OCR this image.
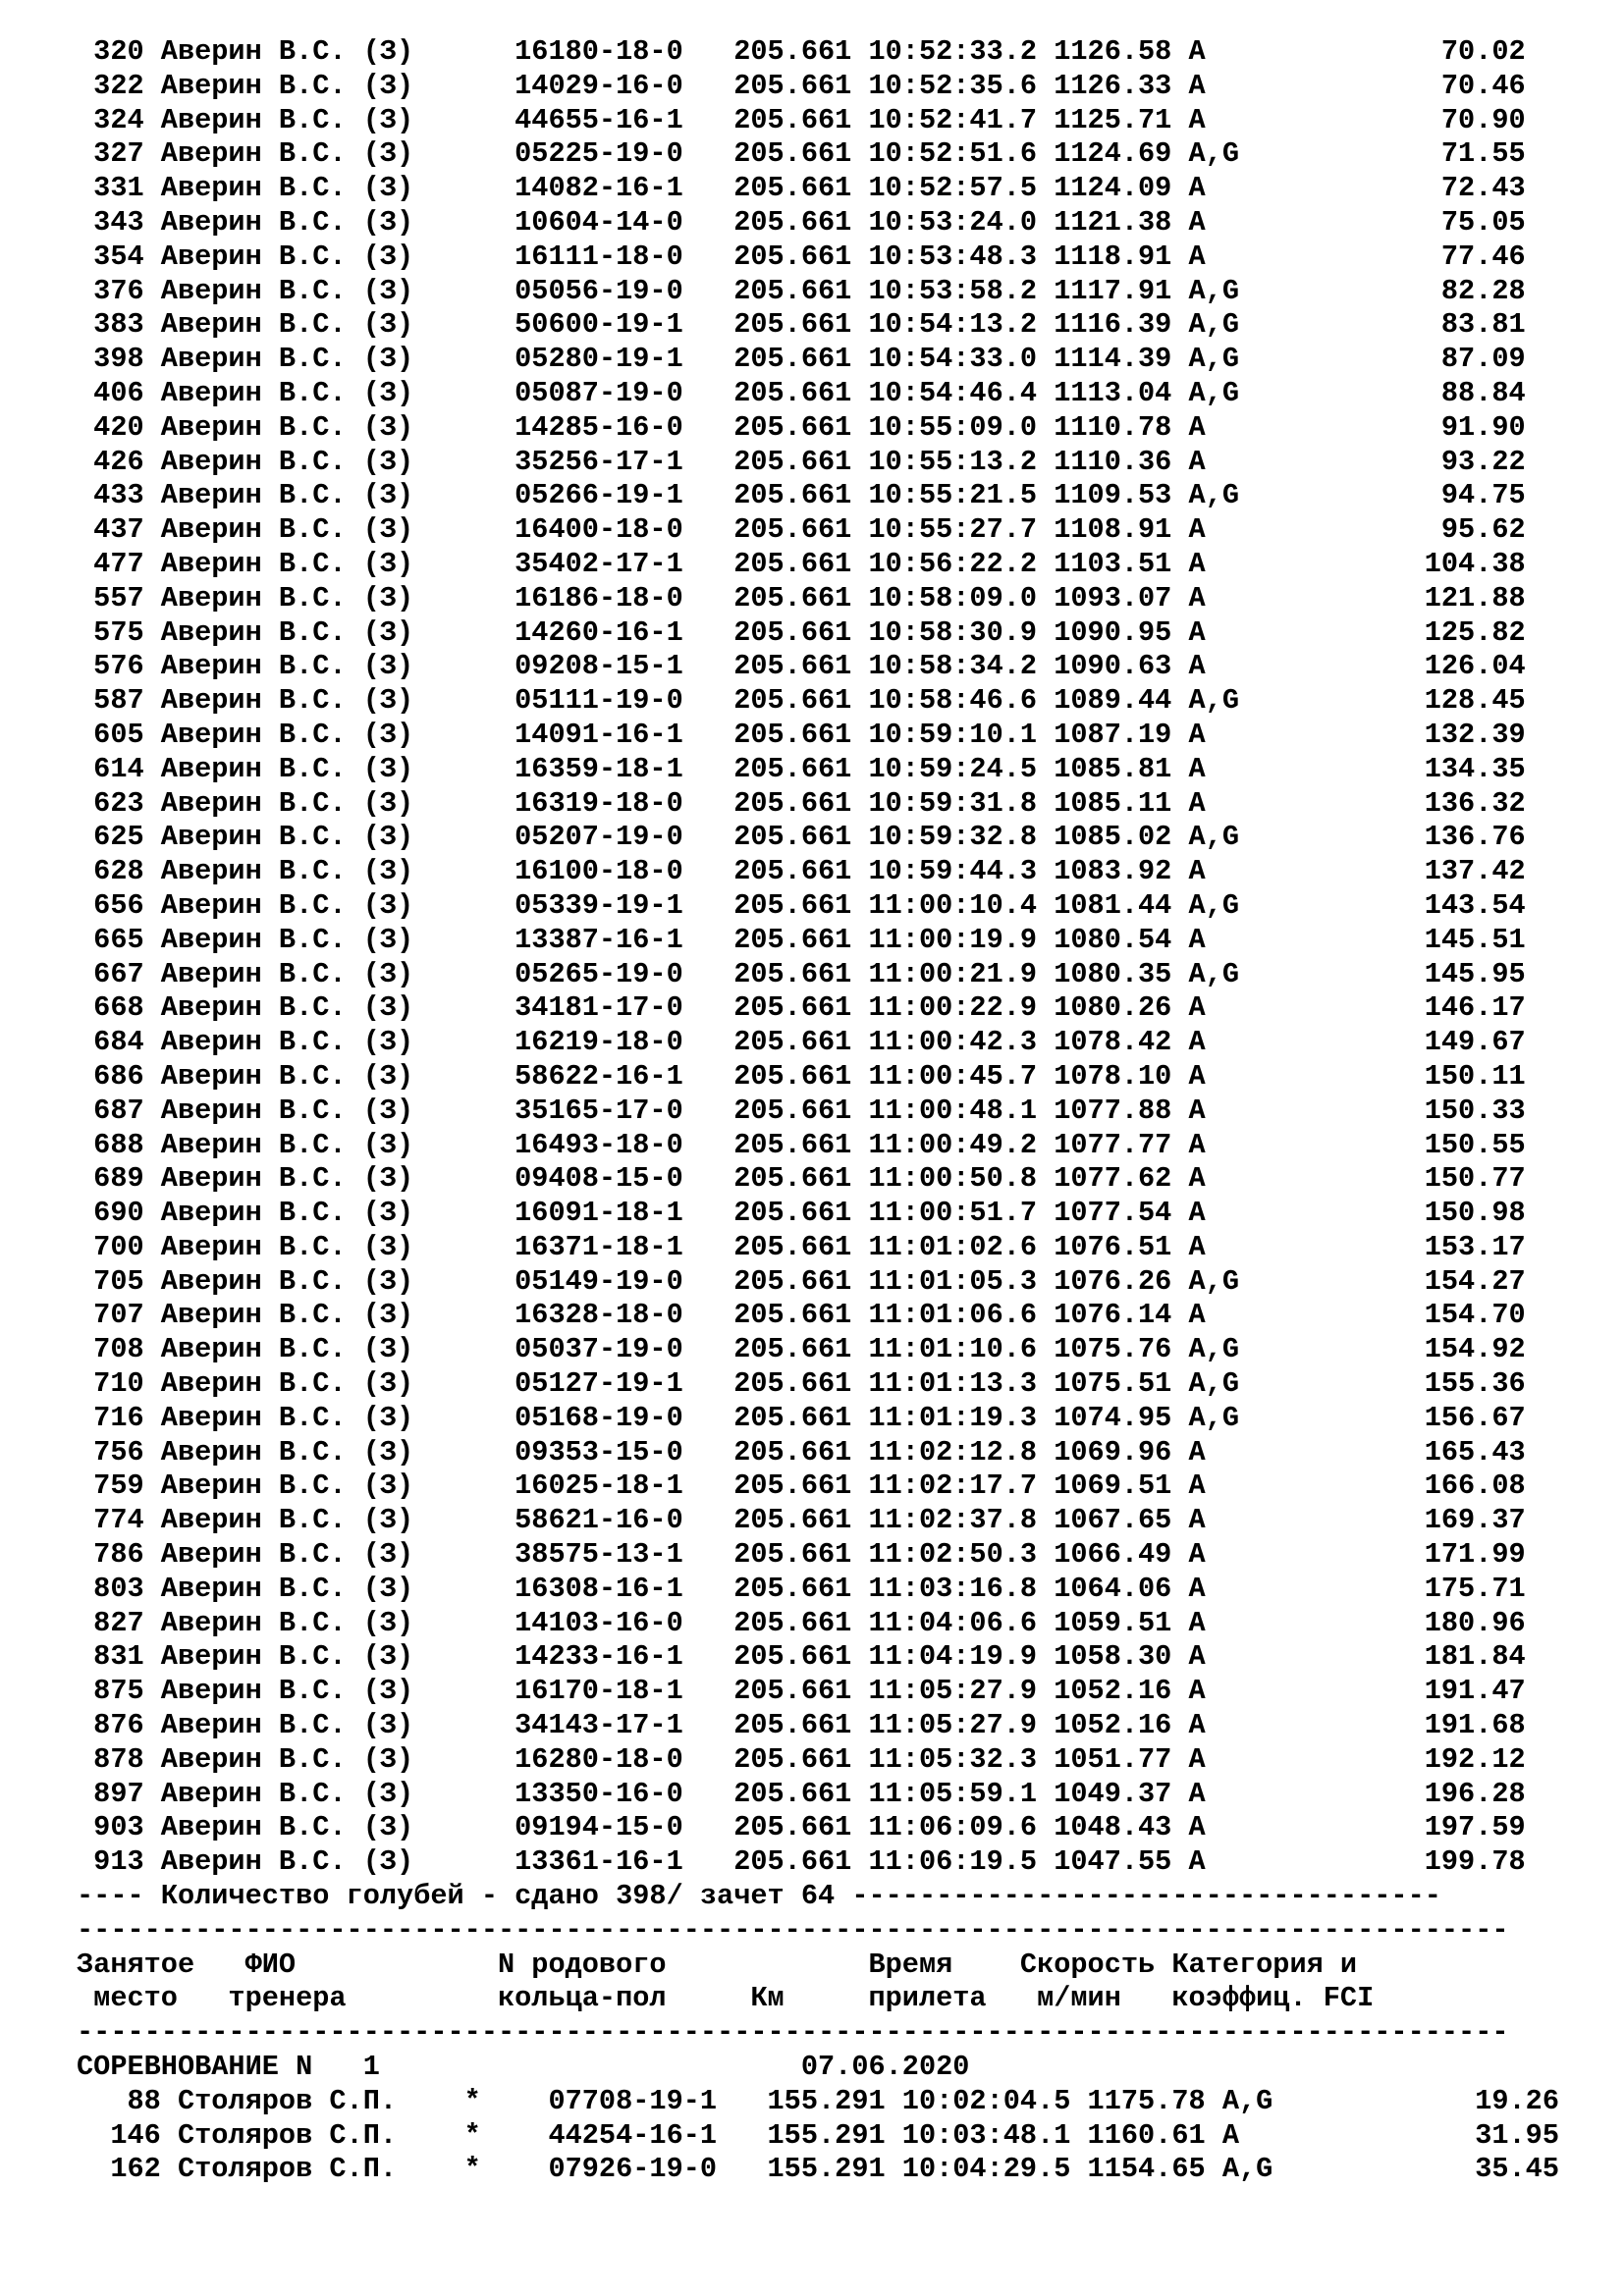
320 Аверин В.С. (З)      16180-18-0   205.661 10:52:33.2 1126.58 A              70.02
322 Аверин В.С. (З)      14029-16-0   205.661 10:52:35.6 1126.33 A              70.46
324 Аверин В.С. (З)      44655-16-1   205.661 10:52:41.7 1125.71 A              70.90
327 Аверин В.С. (З)      05225-19-0   205.661 10:52:51.6 1124.69 A,G            71.55
331 Аверин В.С. (З)      14082-16-1   205.661 10:52:57.5 1124.09 A              72.43
343 Аверин В.С. (З)      10604-14-0   205.661 10:53:24.0 1121.38 A              75.05
354 Аверин В.С. (З)      16111-18-0   205.661 10:53:48.3 1118.91 A              77.46
376 Аверин В.С. (З)      05056-19-0   205.661 10:53:58.2 1117.91 A,G            82.28
383 Аверин В.С. (З)      50600-19-1   205.661 10:54:13.2 1116.39 A,G            83.81
398 Аверин В.С. (З)      05280-19-1   205.661 10:54:33.0 1114.39 A,G            87.09
406 Аверин В.С. (З)      05087-19-0   205.661 10:54:46.4 1113.04 A,G            88.84
420 Аверин В.С. (З)      14285-16-0   205.661 10:55:09.0 1110.78 A              91.90
426 Аверин В.С. (З)      35256-17-1   205.661 10:55:13.2 1110.36 A              93.22
433 Аверин В.С. (З)      05266-19-1   205.661 10:55:21.5 1109.53 A,G            94.75
437 Аверин В.С. (З)      16400-18-0   205.661 10:55:27.7 1108.91 A              95.62
477 Аверин В.С. (З)      35402-17-1   205.661 10:56:22.2 1103.51 A             104.38
557 Аверин В.С. (З)      16186-18-0   205.661 10:58:09.0 1093.07 A             121.88
575 Аверин В.С. (З)      14260-16-1   205.661 10:58:30.9 1090.95 A             125.82
576 Аверин В.С. (З)      09208-15-1   205.661 10:58:34.2 1090.63 A             126.04
587 Аверин В.С. (З)      05111-19-0   205.661 10:58:46.6 1089.44 A,G           128.45
605 Аверин В.С. (З)      14091-16-1   205.661 10:59:10.1 1087.19 A             132.39
614 Аверин В.С. (З)      16359-18-1   205.661 10:59:24.5 1085.81 A             134.35
623 Аверин В.С. (З)      16319-18-0   205.661 10:59:31.8 1085.11 A             136.32
625 Аверин В.С. (З)      05207-19-0   205.661 10:59:32.8 1085.02 A,G           136.76
628 Аверин В.С. (З)      16100-18-0   205.661 10:59:44.3 1083.92 A             137.42
656 Аверин В.С. (З)      05339-19-1   205.661 11:00:10.4 1081.44 A,G           143.54
665 Аверин В.С. (З)      13387-16-1   205.661 11:00:19.9 1080.54 A             145.51
667 Аверин В.С. (З)      05265-19-0   205.661 11:00:21.9 1080.35 A,G           145.95
668 Аверин В.С. (З)      34181-17-0   205.661 11:00:22.9 1080.26 A             146.17
684 Аверин В.С. (З)      16219-18-0   205.661 11:00:42.3 1078.42 A             149.67
686 Аверин В.С. (З)      58622-16-1   205.661 11:00:45.7 1078.10 A             150.11
687 Аверин В.С. (З)      35165-17-0   205.661 11:00:48.1 1077.88 A             150.33
688 Аверин В.С. (З)      16493-18-0   205.661 11:00:49.2 1077.77 A             150.55
689 Аверин В.С. (З)      09408-15-0   205.661 11:00:50.8 1077.62 A             150.77
690 Аверин В.С. (З)      16091-18-1   205.661 11:00:51.7 1077.54 A             150.98
700 Аверин В.С. (З)      16371-18-1   205.661 11:01:02.6 1076.51 A             153.17
705 Аверин В.С. (З)      05149-19-0   205.661 11:01:05.3 1076.26 A,G           154.27
707 Аверин В.С. (З)      16328-18-0   205.661 11:01:06.6 1076.14 A             154.70
708 Аверин В.С. (З)      05037-19-0   205.661 11:01:10.6 1075.76 A,G           154.92
710 Аверин В.С. (З)      05127-19-1   205.661 11:01:13.3 1075.51 A,G           155.36
716 Аверин В.С. (З)      05168-19-0   205.661 11:01:19.3 1074.95 A,G           156.67
756 Аверин В.С. (З)      09353-15-0   205.661 11:02:12.8 1069.96 A             165.43
759 Аверин В.С. (З)      16025-18-1   205.661 11:02:17.7 1069.51 A             166.08
774 Аверин В.С. (З)      58621-16-0   205.661 11:02:37.8 1067.65 A             169.37
786 Аверин В.С. (З)      38575-13-1   205.661 11:02:50.3 1066.49 A             171.99
803 Аверин В.С. (З)      16308-16-1   205.661 11:03:16.8 1064.06 A             175.71
827 Аверин В.С. (З)      14103-16-0   205.661 11:04:06.6 1059.51 A             180.96
831 Аверин В.С. (З)      14233-16-1   205.661 11:04:19.9 1058.30 A             181.84
875 Аверин В.С. (З)      16170-18-1   205.661 11:05:27.9 1052.16 A             191.47
876 Аверин В.С. (З)      34143-17-1   205.661 11:05:27.9 1052.16 A             191.68
878 Аверин В.С. (З)      16280-18-0   205.661 11:05:32.3 1051.77 A             192.12
897 Аверин В.С. (З)      13350-16-0   205.661 11:05:59.1 1049.37 A             196.28
903 Аверин В.С. (З)      09194-15-0   205.661 11:06:09.6 1048.43 A             197.59
913 Аверин В.С. (З)      13361-16-1   205.661 11:06:19.5 1047.55 A             199.78
---- Количество голубей - сдано 398/ зачет 64 -----------------------------------
-------------------------------------------------------------------------------------
Занятое   ФИО            N родового            Время    Скорость Категория и
место   тренера         кольца-пол     Км     прилета   м/мин   коэффиц. FCI
-------------------------------------------------------------------------------------
СОРЕВНОВАНИЕ N   1                         07.06.2020
88 Столяров С.П.    *    07708-19-1   155.291 10:02:04.5 1175.78 A,G            19.26
146 Столяров С.П.    *    44254-16-1   155.291 10:03:48.1 1160.61 A              31.95
162 Столяров С.П.    *    07926-19-0   155.291 10:04:29.5 1154.65 A,G            35.45
